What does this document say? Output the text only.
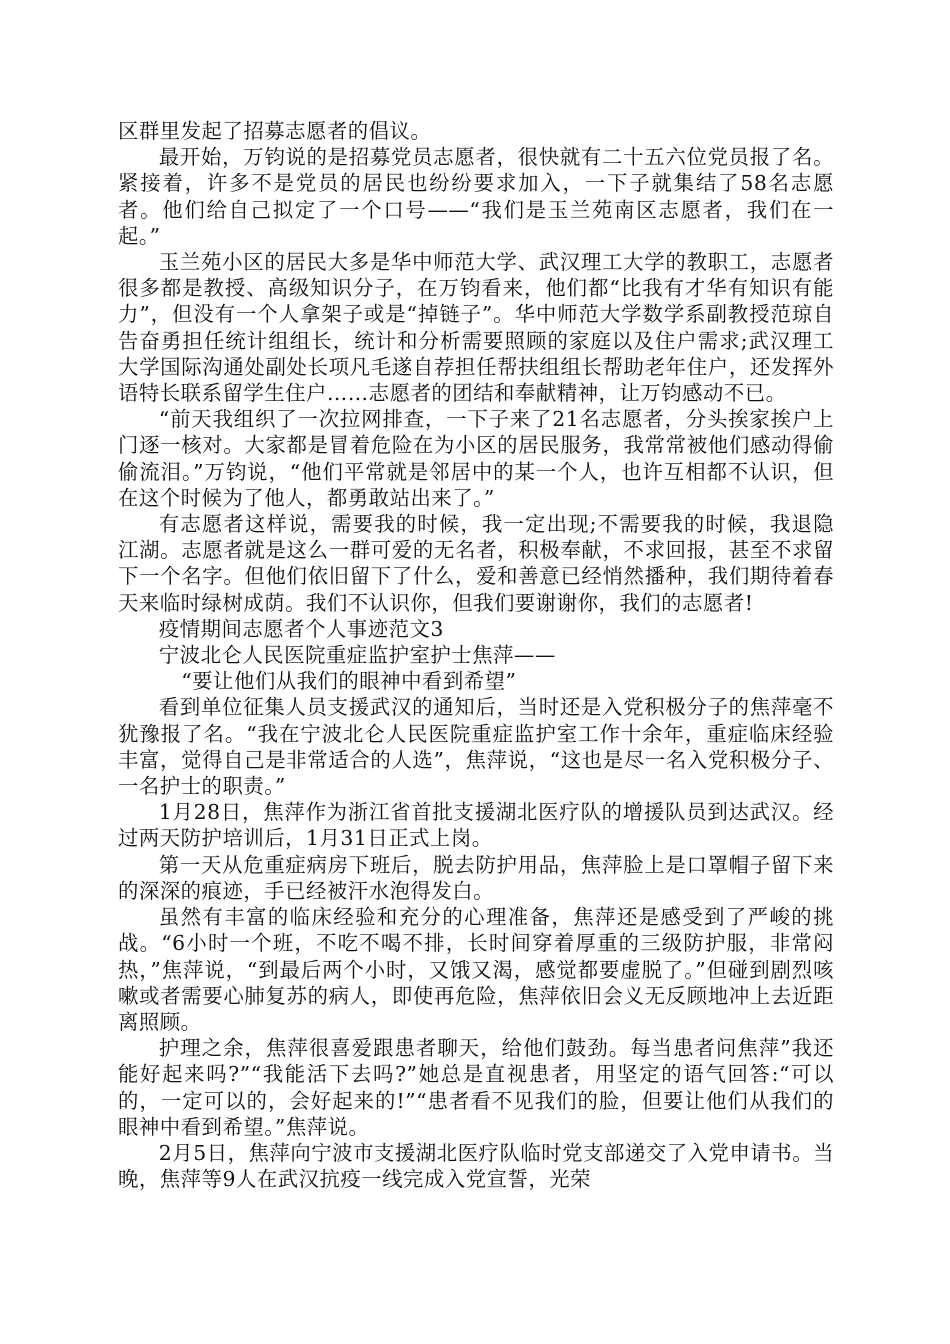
区群里发起了招募志愿者的倡议。

最开始，万钧说的是招募党员志愿者，很快就有二十五六位党员报了名。紧接着，许多不是党员的居民也纷纷要求加入，一下子就集结了58名志愿者。他们给自己拟定了一个口号——“我们是玉兰苑南区志愿者，我们在一起。”

玉兰苑小区的居民大多是华中师范大学、武汉理工大学的教职工，志愿者很多都是教授、高级知识分子，在万钧看来，他们都“比我有才华有知识有能力”，但没有一个人拿架子或是“掉链子”。华中师范大学数学系副教授范琼自告奋勇担任统计组组长，统计和分析需要照顾的家庭以及住户需求;武汉理工大学国际沟通处副处长项凡毛遂自荐担任帮扶组组长帮助老年住户，还发挥外语特长联系留学生住户……志愿者的团结和奉献精神，让万钧感动不已。

“前天我组织了一次拉网排查，一下子来了21名志愿者，分头挨家挨户上门逐一核对。大家都是冒着危险在为小区的居民服务，我常常被他们感动得偷偷流泪。”万钧说，“他们平常就是邻居中的某一个人，也许互相都不认识，但在这个时候为了他人，都勇敢站出来了。”

有志愿者这样说，需要我的时候，我一定出现;不需要我的时候，我退隐江湖。志愿者就是这么一群可爱的无名者，积极奉献，不求回报，甚至不求留下一个名字。但他们依旧留下了什么，爱和善意已经悄然播种，我们期待着春天来临时绿树成荫。我们不认识你，但我们要谢谢你，我们的志愿者!

疫情期间志愿者个人事迹范文3

宁波北仑人民医院重症监护室护士焦萍——

“要让他们从我们的眼神中看到希望”

看到单位征集人员支援武汉的通知后，当时还是入党积极分子的焦萍毫不犹豫报了名。“我在宁波北仑人民医院重症监护室工作十余年，重症临床经验丰富，觉得自己是非常适合的人选”，焦萍说，“这也是尽一名入党积极分子、一名护士的职责。”

1月28日，焦萍作为浙江省首批支援湖北医疗队的增援队员到达武汉。经过两天防护培训后，1月31日正式上岗。

第一天从危重症病房下班后，脱去防护用品，焦萍脸上是口罩帽子留下来的深深的痕迹，手已经被汗水泡得发白。

虽然有丰富的临床经验和充分的心理准备，焦萍还是感受到了严峻的挑战。“6小时一个班，不吃不喝不排，长时间穿着厚重的三级防护服，非常闷热，”焦萍说，“到最后两个小时，又饿又渴，感觉都要虚脱了。”但碰到剧烈咳嗽或者需要心肺复苏的病人，即使再危险，焦萍依旧会义无反顾地冲上去近距离照顾。

护理之余，焦萍很喜爱跟患者聊天，给他们鼓劲。每当患者问焦萍”我还能好起来吗?”“我能活下去吗?”她总是直视患者，用坚定的语气回答:“可以的，一定可以的，会好起来的!”“患者看不见我们的脸，但要让他们从我们的眼神中看到希望。”焦萍说。

2月5日，焦萍向宁波市支援湖北医疗队临时党支部递交了入党申请书。当晚，焦萍等9人在武汉抗疫一线完成入党宣誓，光荣
